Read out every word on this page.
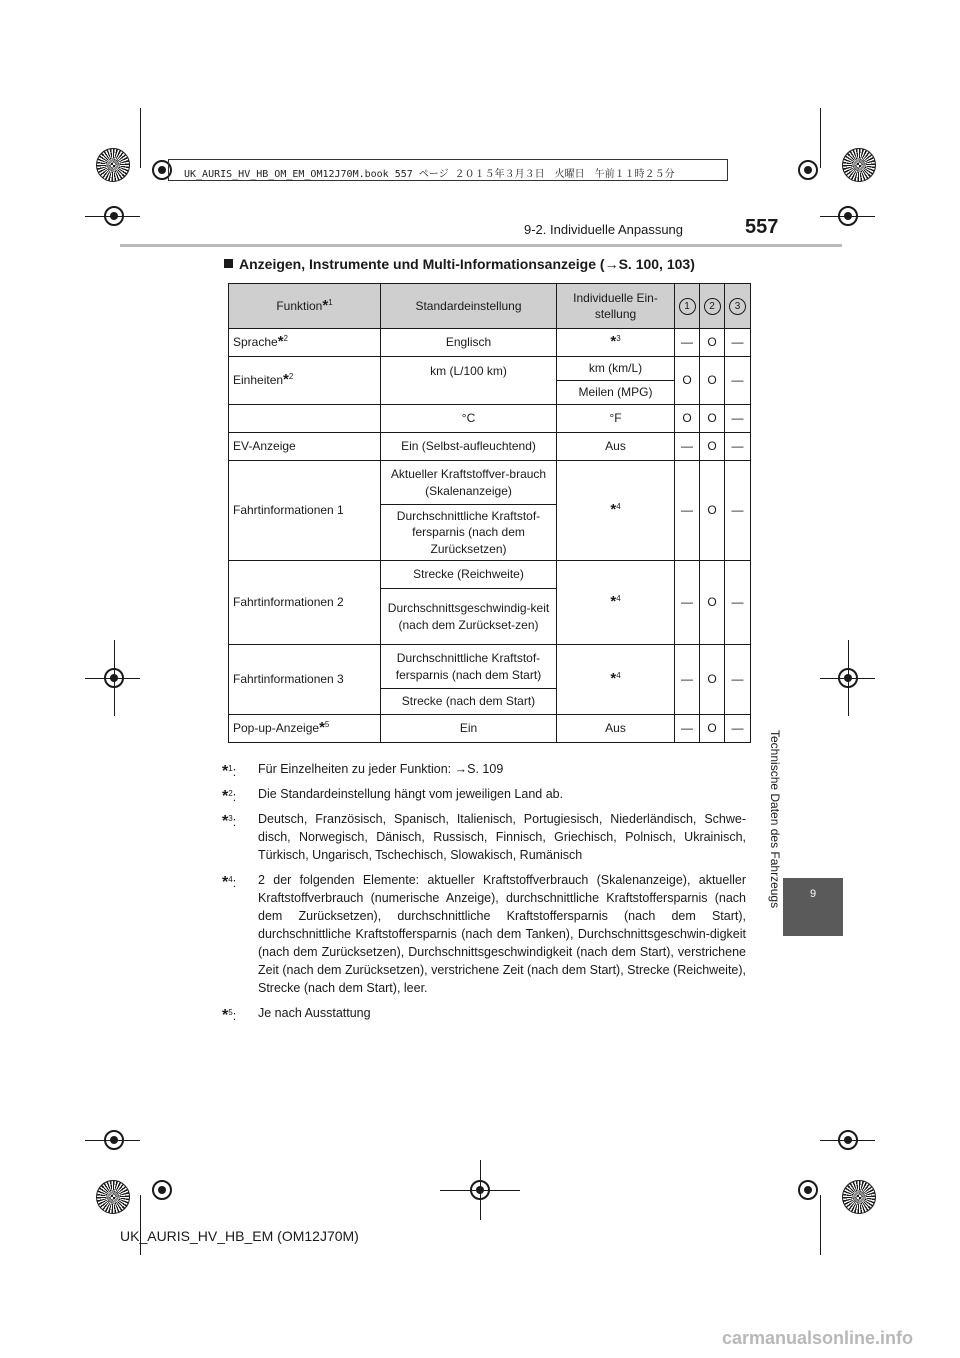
UK_AURIS_HV_HB_OM_EM_OM12J70M.book 557 ページ ２０１５年３月３日　火曜日　午前１１時２５分
9-2. Individuelle Anpassung	557
Technische Daten des Fahrzeugs	9
Anzeigen, Instrumente und Multi-Informationsanzeige (→S. 100, 103)
Funktion*$^1$	Standardeinstellung	Individuelle Ein-stellung	1	2	3
Sprache*$^2$	Englisch	*$^3$	—	O	—
Einheiten*$^2$	km (L/100 km)	km (km/L)	O	O	—
		Meilen (MPG)			
	°C	°F	O	O	—
EV-Anzeige	Ein (Selbst-aufleuchtend)	Aus	—	O	—
Fahrtinformationen 1	Aktueller Kraftstoffver-brauch (Skalenanzeige)	*$^4$	—	O	—
	Durchschnittliche Kraftstof-fersparnis (nach dem Zurücksetzen)				
Fahrtinformationen 2	Strecke (Reichweite)	*$^4$	—	O	—
	Durchschnittsgeschwindig-keit (nach dem Zurückset-zen)				
Fahrtinformationen 3	Durchschnittliche Kraftstof-fersparnis (nach dem Start)	*$^4$	—	O	—
	Strecke (nach dem Start)				
Pop-up-Anzeige*$^5$	Ein	Aus	—	O	—
*$^1$: Für Einzelheiten zu jeder Funktion: →S. 109
*$^2$: Die Standardeinstellung hängt vom jeweiligen Land ab.
*$^3$: Deutsch, Französisch, Spanisch, Italienisch, Portugiesisch, Niederländisch, Schwe-disch, Norwegisch, Dänisch, Russisch, Finnisch, Griechisch, Polnisch, Ukrainisch, Türkisch, Ungarisch, Tschechisch, Slowakisch, Rumänisch
*$^4$: 2 der folgenden Elemente: aktueller Kraftstoffverbrauch (Skalenanzeige), aktueller Kraftstoffverbrauch (numerische Anzeige), durchschnittliche Kraftstoffersparnis (nach dem Zurücksetzen), durchschnittliche Kraftstoffersparnis (nach dem Start), durchschnittliche Kraftstoffersparnis (nach dem Tanken), Durchschnittsgeschwin-digkeit (nach dem Zurücksetzen), Durchschnittsgeschwindigkeit (nach dem Start), verstrichene Zeit (nach dem Zurücksetzen), verstrichene Zeit (nach dem Start), Strecke (Reichweite), Strecke (nach dem Start), leer.
*$^5$: Je nach Ausstattung
UK_AURIS_HV_HB_EM (OM12J70M)
carmanualsonline.info
